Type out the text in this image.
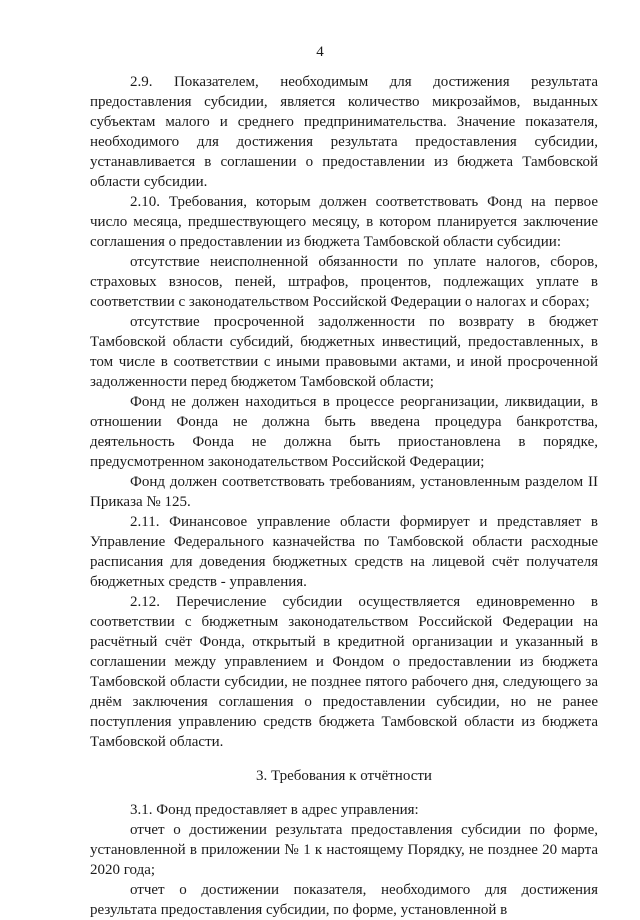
4

2.9. Показателем, необходимым для достижения результата предоставления субсидии, является количество микрозаймов, выданных субъектам малого и среднего предпринимательства. Значение показателя, необходимого для достижения результата предоставления субсидии, устанавливается в соглашении о предоставлении из бюджета Тамбовской области субсидии.

2.10. Требования, которым должен соответствовать Фонд на первое число месяца, предшествующего месяцу, в котором планируется заключение соглашения о предоставлении из бюджета Тамбовской области субсидии:

отсутствие неисполненной обязанности по уплате налогов, сборов, страховых взносов, пеней, штрафов, процентов, подлежащих уплате в соответствии с законодательством Российской Федерации о налогах и сборах;

отсутствие просроченной задолженности по возврату в бюджет Тамбовской области субсидий, бюджетных инвестиций, предоставленных, в том числе в соответствии с иными правовыми актами, и иной просроченной задолженности перед бюджетом Тамбовской области;

Фонд не должен находиться в процессе реорганизации, ликвидации, в отношении Фонда не должна быть введена процедура банкротства, деятельность Фонда не должна быть приостановлена в порядке, предусмотренном законодательством Российской Федерации;

Фонд должен соответствовать требованиям, установленным разделом II Приказа № 125.

2.11. Финансовое управление области формирует и представляет в Управление Федерального казначейства по Тамбовской области расходные расписания для доведения бюджетных средств на лицевой счёт получателя бюджетных средств - управления.

2.12. Перечисление субсидии осуществляется единовременно в соответствии с бюджетным законодательством Российской Федерации на расчётный счёт Фонда, открытый в кредитной организации и указанный в соглашении между управлением и Фондом о предоставлении из бюджета Тамбовской области субсидии, не позднее пятого рабочего дня, следующего за днём заключения соглашения о предоставлении субсидии, но не ранее поступления управлению средств бюджета Тамбовской области из бюджета Тамбовской области.

3. Требования к отчётности

3.1. Фонд предоставляет в адрес управления:

отчет о достижении результата предоставления субсидии по форме, установленной в приложении № 1 к настоящему Порядку, не позднее 20 марта 2020 года;

отчет о достижении показателя, необходимого для достижения результата предоставления субсидии, по форме, установленной в
